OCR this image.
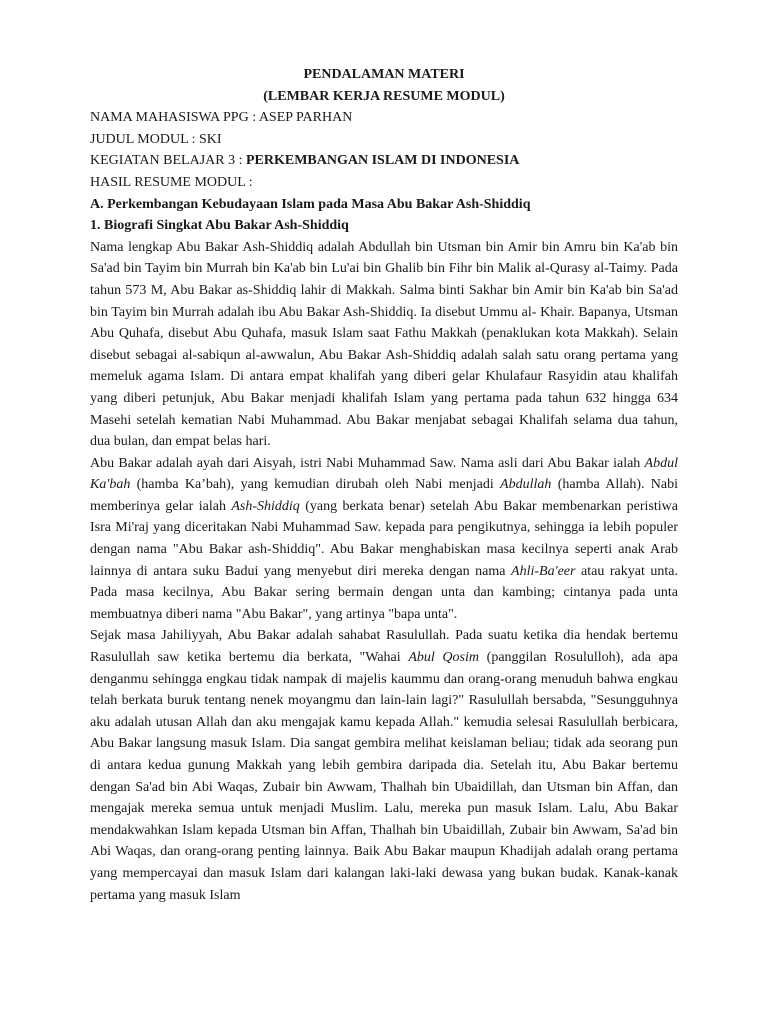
PENDALAMAN MATERI

(LEMBAR KERJA RESUME MODUL)

NAMA MAHASISWA PPG : ASEP PARHAN

JUDUL MODUL : SKI

KEGIATAN BELAJAR 3 : PERKEMBANGAN ISLAM DI INDONESIA

HASIL RESUME MODUL :

A. Perkembangan Kebudayaan Islam pada Masa Abu Bakar Ash-Shiddiq

1. Biografi Singkat Abu Bakar Ash-Shiddiq

Nama lengkap Abu Bakar Ash-Shiddiq adalah Abdullah bin Utsman bin Amir bin Amru bin Ka'ab bin Sa'ad bin Tayim bin Murrah bin Ka'ab bin Lu'ai bin Ghalib bin Fihr bin Malik al-Qurasy al-Taimy. Pada tahun 573 M, Abu Bakar as-Shiddiq lahir di Makkah. Salma binti Sakhar bin Amir bin Ka'ab bin Sa'ad bin Tayim bin Murrah adalah ibu Abu Bakar Ash-Shiddiq. Ia disebut Ummu al- Khair. Bapanya, Utsman Abu Quhafa, disebut Abu Quhafa, masuk Islam saat Fathu Makkah (penaklukan kota Makkah). Selain disebut sebagai al-sabiqun al-awwalun, Abu Bakar Ash-Shiddiq adalah salah satu orang pertama yang memeluk agama Islam. Di antara empat khalifah yang diberi gelar Khulafaur Rasyidin atau khalifah yang diberi petunjuk, Abu Bakar menjadi khalifah Islam yang pertama pada tahun 632 hingga 634 Masehi setelah kematian Nabi Muhammad. Abu Bakar menjabat sebagai Khalifah selama dua tahun, dua bulan, dan empat belas hari.

Abu Bakar adalah ayah dari Aisyah, istri Nabi Muhammad Saw. Nama asli dari Abu Bakar ialah Abdul Ka'bah (hamba Ka’bah), yang kemudian dirubah oleh Nabi menjadi Abdullah (hamba Allah). Nabi memberinya gelar ialah Ash-Shiddiq (yang berkata benar) setelah Abu Bakar membenarkan peristiwa Isra Mi'raj yang diceritakan Nabi Muhammad Saw. kepada para pengikutnya, sehingga ia lebih populer dengan nama "Abu Bakar ash-Shiddiq". Abu Bakar menghabiskan masa kecilnya seperti anak Arab lainnya di antara suku Badui yang menyebut diri mereka dengan nama Ahli-Ba'eer atau rakyat unta. Pada masa kecilnya, Abu Bakar sering bermain dengan unta dan kambing; cintanya pada unta membuatnya diberi nama "Abu Bakar", yang artinya "bapa unta".

Sejak masa Jahiliyyah, Abu Bakar adalah sahabat Rasulullah. Pada suatu ketika dia hendak bertemu Rasulullah saw ketika bertemu dia berkata, "Wahai Abul Qosim (panggilan Rosululloh), ada apa denganmu sehingga engkau tidak nampak di majelis kaummu dan orang-orang menuduh bahwa engkau telah berkata buruk tentang nenek moyangmu dan lain-lain lagi?" Rasulullah bersabda, "Sesungguhnya aku adalah utusan Allah dan aku mengajak kamu kepada Allah." kemudia selesai Rasulullah berbicara, Abu Bakar langsung masuk Islam. Dia sangat gembira melihat keislaman beliau; tidak ada seorang pun di antara kedua gunung Makkah yang lebih gembira daripada dia. Setelah itu, Abu Bakar bertemu dengan Sa'ad bin Abi Waqas, Zubair bin Awwam, Thalhah bin Ubaidillah, dan Utsman bin Affan, dan mengajak mereka semua untuk menjadi Muslim. Lalu, mereka pun masuk Islam. Lalu, Abu Bakar mendakwahkan Islam kepada Utsman bin Affan, Thalhah bin Ubaidillah, Zubair bin Awwam, Sa'ad bin Abi Waqas, dan orang-orang penting lainnya. Baik Abu Bakar maupun Khadijah adalah orang pertama yang mempercayai dan masuk Islam dari kalangan laki-laki dewasa yang bukan budak. Kanak-kanak pertama yang masuk Islam
